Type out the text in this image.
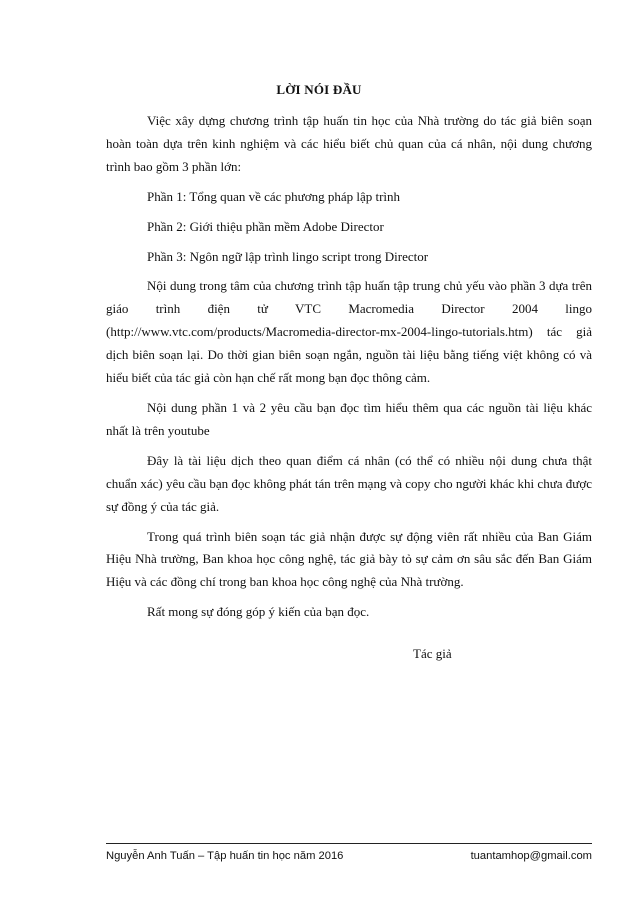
LỜI NÓI ĐẦU

Việc xây dựng chương trình tập huấn tin học của Nhà trường do tác giả biên soạn hoàn toàn dựa trên kinh nghiệm và các hiểu biết chủ quan của cá nhân, nội dung chương trình bao gồm 3 phần lớn:

Phần 1: Tổng quan về các phương pháp lập trình

Phần 2: Giới thiệu phần mềm Adobe Director

Phần 3: Ngôn ngữ lập trình lingo script trong Director

Nội dung trong tâm của chương trình tập huấn tập trung chủ yếu vào phần 3 dựa trên giáo trình điện tử VTC Macromedia Director 2004 lingo (http://www.vtc.com/products/Macromedia-director-mx-2004-lingo-tutorials.htm) tác giả dịch biên soạn lại. Do thời gian biên soạn ngắn, nguồn tài liệu bằng tiếng việt không có và hiểu biết của tác giả còn hạn chế rất mong bạn đọc thông cảm.

Nội dung phần 1 và 2 yêu cầu bạn đọc tìm hiểu thêm qua các nguồn tài liệu khác nhất là trên youtube

Đây là tài liệu dịch theo quan điểm cá nhân (có thể có nhiều nội dung chưa thật chuẩn xác) yêu cầu bạn đọc không phát tán trên mạng và copy cho người khác khi chưa được sự đồng ý của tác giả.

Trong quá trình biên soạn tác giả nhận được sự động viên rất nhiều của Ban Giám Hiệu Nhà trường, Ban khoa học công nghệ, tác giả bày tỏ sự cảm ơn sâu sắc đến Ban Giám Hiệu và các đồng chí trong ban khoa học công nghệ của Nhà trường.

Rất mong sự đóng góp ý kiến của bạn đọc.

Tác giả
Nguyễn Anh Tuấn – Tập huấn tin học năm 2016	tuantamhop@gmail.com
